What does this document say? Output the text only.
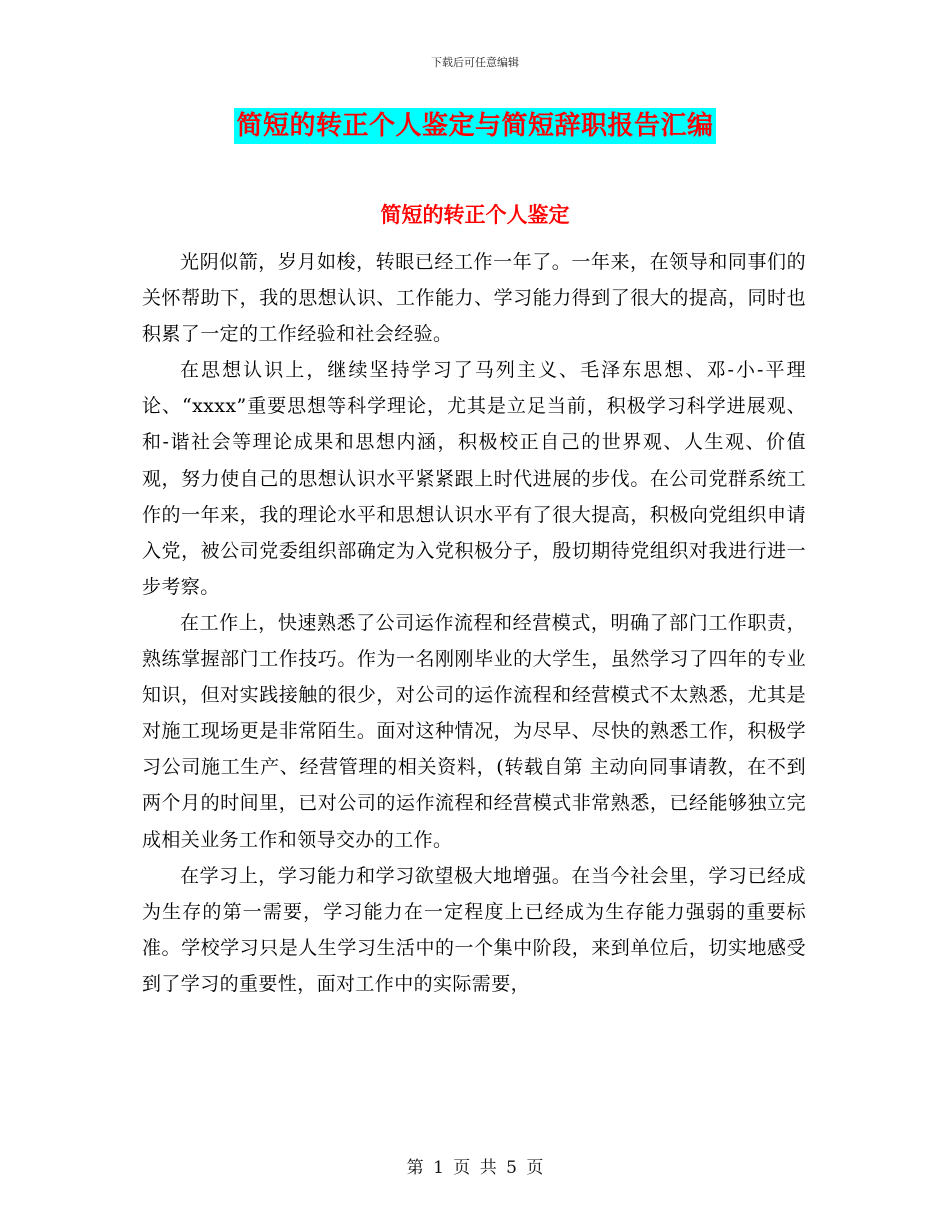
下载后可任意编辑
简短的转正个人鉴定与简短辞职报告汇编
简短的转正个人鉴定

光阴似箭，岁月如梭，转眼已经工作一年了。一年来，在领导和同事们的关怀帮助下，我的思想认识、工作能力、学习能力得到了很大的提高，同时也积累了一定的工作经验和社会经验。

在思想认识上，继续坚持学习了马列主义、毛泽东思想、邓-小-平理论、“xxxx”重要思想等科学理论，尤其是立足当前，积极学习科学进展观、和-谐社会等理论成果和思想内涵，积极校正自己的世界观、人生观、价值观，努力使自己的思想认识水平紧紧跟上时代进展的步伐。在公司党群系统工作的一年来，我的理论水平和思想认识水平有了很大提高，积极向党组织申请入党，被公司党委组织部确定为入党积极分子，殷切期待党组织对我进行进一步考察。

在工作上，快速熟悉了公司运作流程和经营模式，明确了部门工作职责，熟练掌握部门工作技巧。作为一名刚刚毕业的大学生，虽然学习了四年的专业知识，但对实践接触的很少，对公司的运作流程和经营模式不太熟悉，尤其是对施工现场更是非常陌生。面对这种情况，为尽早、尽快的熟悉工作，积极学习公司施工生产、经营管理的相关资料，(转载自第 主动向同事请教，在不到两个月的时间里，已对公司的运作流程和经营模式非常熟悉，已经能够独立完成相关业务工作和领导交办的工作。

在学习上，学习能力和学习欲望极大地增强。在当今社会里，学习已经成为生存的第一需要，学习能力在一定程度上已经成为生存能力强弱的重要标准。学校学习只是人生学习生活中的一个集中阶段，来到单位后，切实地感受到了学习的重要性，面对工作中的实际需要，

第 1 页 共 5 页
